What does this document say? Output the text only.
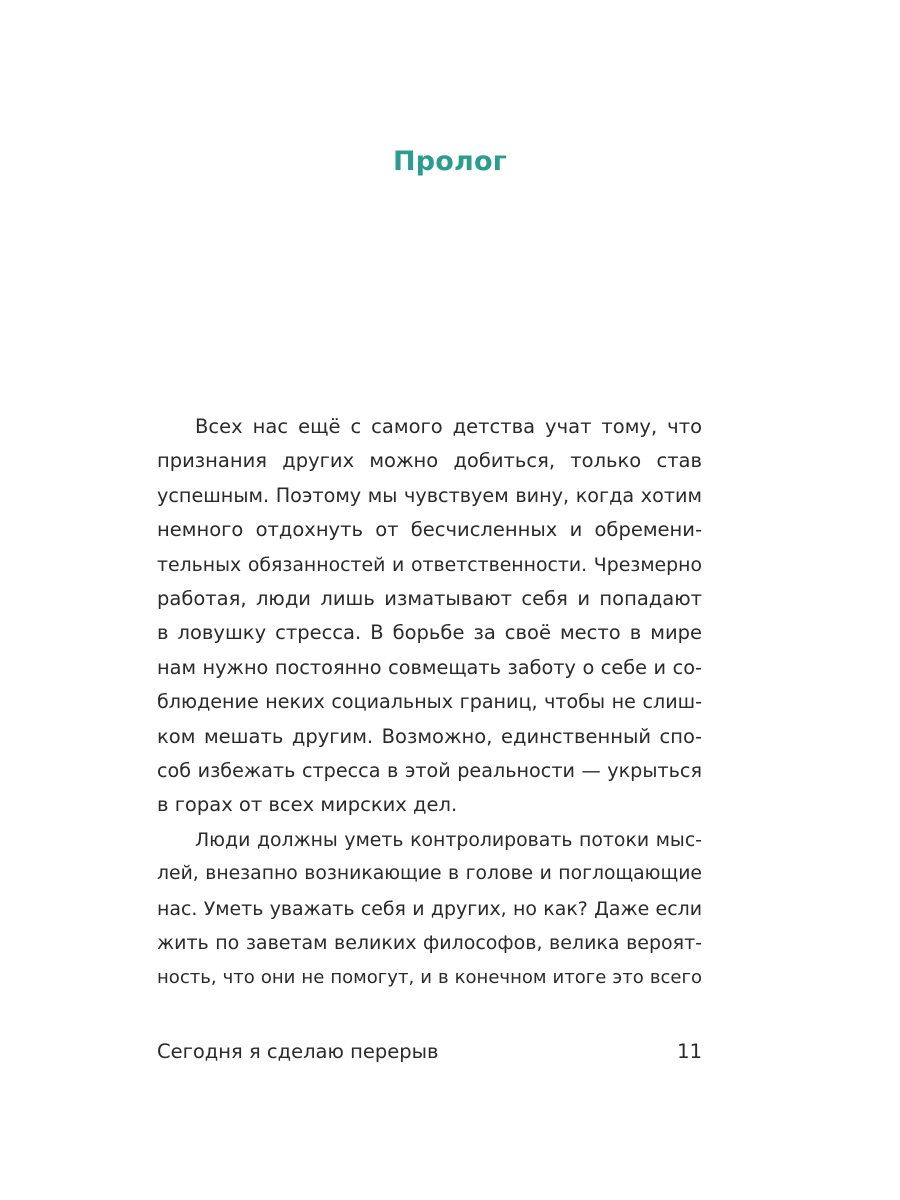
Пролог
Всех нас ещё с самого детства учат тому, что
признания других можно добиться, только став
успешным. Поэтому мы чувствуем вину, когда хотим
немного отдохнуть от бесчисленных и обремени-
тельных обязанностей и ответственности. Чрезмерно
работая, люди лишь изматывают себя и попадают
в ловушку стресса. В борьбе за своё место в мире
нам нужно постоянно совмещать заботу о себе и со-
блюдение неких социальных границ, чтобы не слиш-
ком мешать другим. Возможно, единственный спо-
соб избежать стресса в этой реальности — укрыться
в горах от всех мирских дел.
Люди должны уметь контролировать потоки мыс-
лей, внезапно возникающие в голове и поглощающие
нас. Уметь уважать себя и других, но как? Даже если
жить по заветам великих философов, велика вероят-
ность, что они не помогут, и в конечном итоге это всего
Сегодня я сделаю перерыв	11
